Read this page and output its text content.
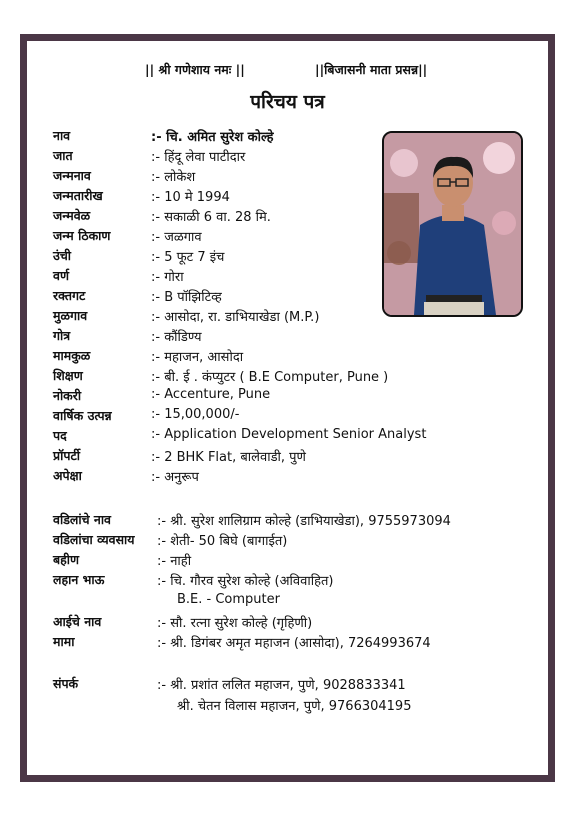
|| श्री गणेशाय नमः ||	||बिजासनी माता प्रसन्न||
परिचय पत्र
नाव	:- चि. अमित सुरेश कोल्हे
जात	:- हिंदू लेवा पाटीदार
जन्मनाव	:- लोकेश
जन्मतारीख	:- 10 मे 1994
जन्मवेळ	:- सकाळी 6 वा. 28 मि.
जन्म ठिकाण	:- जळगाव
उंची	:- 5 फूट 7 इंच
वर्ण	:- गोरा
रक्तगट	:- B पॉझिटिव्ह
मुळगाव	:- आसोदा, रा. डाभियाखेडा (M.P.)
गोत्र	:- कौंडिण्य
मामकुळ	:- महाजन, आसोदा
शिक्षण	:- बी. ई . कंप्युटर ( B.E Computer, Pune )
नोकरी	:- Accenture, Pune
वार्षिक उत्पन्न	:- 15,00,000/-
पद	:- Application Development Senior Analyst
प्रॉपर्टी	:- 2 BHK Flat, बालेवाडी, पुणे
अपेक्षा	:- अनुरूप
वडिलांचे नाव	:- श्री. सुरेश शालिग्राम कोल्हे (डाभियाखेडा), 9755973094
वडिलांचा व्यवसाय :- शेती- 50 बिघे (बागाईत)
बहीण	:- नाही
लहान भाऊ	:- चि. गौरव सुरेश कोल्हे (अविवाहित)
B.E. - Computer
आईचे नाव	:- सौ. रत्ना सुरेश कोल्हे (गृहिणी)
मामा	:- श्री. डिगंबर अमृत महाजन (आसोदा), 7264993674
संपर्क	:- श्री. प्रशांत ललित महाजन, पुणे, 9028833341
श्री. चेतन विलास महाजन, पुणे, 9766304195
